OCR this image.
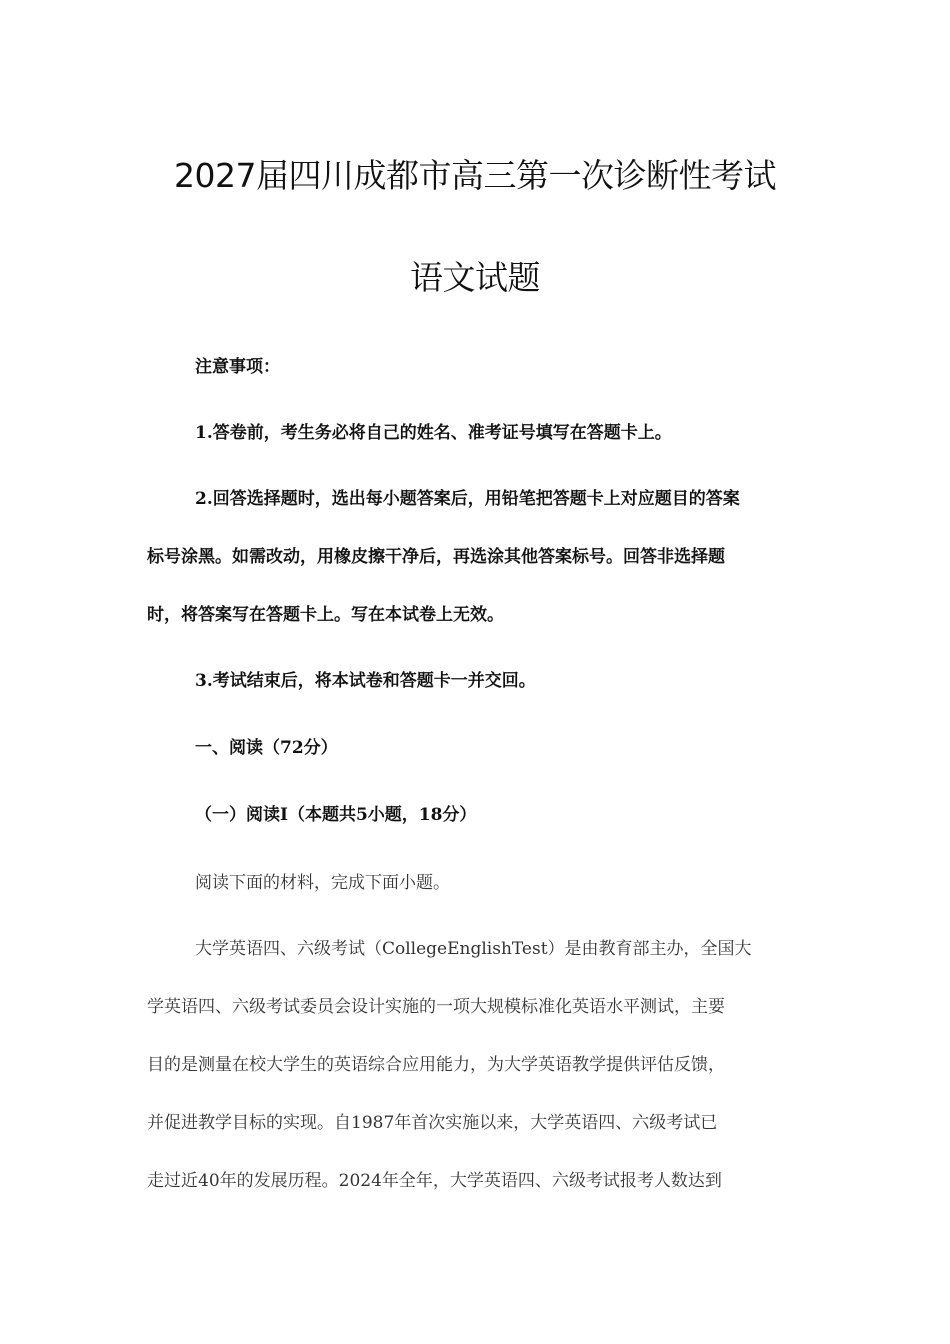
2027届四川成都市高三第一次诊断性考试
语文试题
注意事项：
1.答卷前，考生务必将自己的姓名、准考证号填写在答题卡上。
2.回答选择题时，选出每小题答案后，用铅笔把答题卡上对应题目的答案
标号涂黑。如需改动，用橡皮擦干净后，再选涂其他答案标号。回答非选择题
时，将答案写在答题卡上。写在本试卷上无效。
3.考试结束后，将本试卷和答题卡一并交回。
一、阅读（72分）
（一）阅读Ⅰ（本题共5小题，18分）
阅读下面的材料，完成下面小题。
大学英语四、六级考试（CollegeEnglishTest）是由教育部主办，全国大
学英语四、六级考试委员会设计实施的一项大规模标准化英语水平测试，主要
目的是测量在校大学生的英语综合应用能力，为大学英语教学提供评估反馈，
并促进教学目标的实现。自1987年首次实施以来，大学英语四、六级考试已
走过近40年的发展历程。2024年全年，大学英语四、六级考试报考人数达到
